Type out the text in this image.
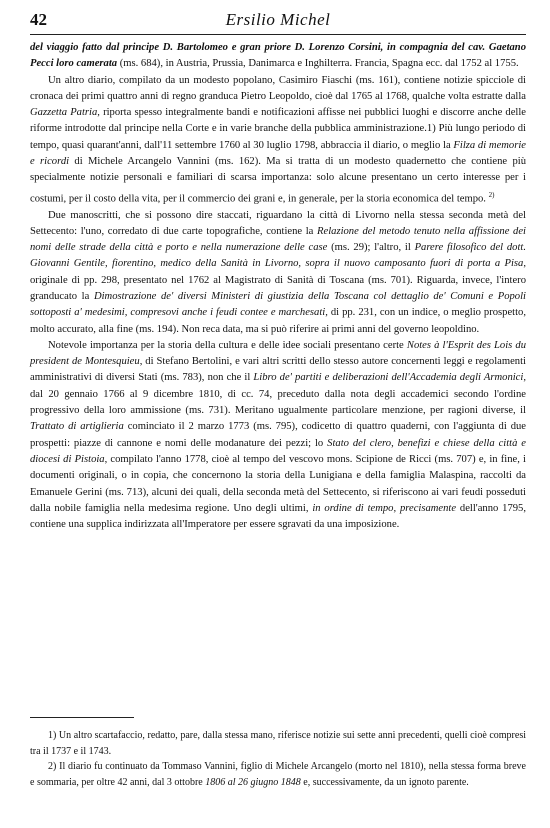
42	Ersilio Michel

del viaggio fatto dal principe D. Bartolomeo e gran priore D. Lorenzo Corsini, in compagnia del cav. Gaetano Pecci loro camerata (ms. 684), in Austria, Prussia, Danimarca e Inghilterra. Francia, Spagna ecc. dal 1752 al 1755.

Un altro diario, compilato da un modesto popolano, Casimiro Fiaschi (ms. 161), contiene notizie spicciole di cronaca dei primi quattro anni di regno granduca Pietro Leopoldo, cioè dal 1765 al 1768, qualche volta estratte dalla Gazzetta Patria, riporta spesso integralmente bandi e notificazioni affisse nei pubblici luoghi e discorre anche delle riforme introdotte dal principe nella Corte e in varie branche della pubblica amministrazione.1) Più lungo periodo di tempo, quasi quarant'anni, dall'11 settembre 1760 al 30 luglio 1798, abbraccia il diario, o meglio la Filza di memorie e ricordi di Michele Arcangelo Vannini (ms. 162). Ma si tratta di un modesto quadernetto che contiene più specialmente notizie personali e familiari di scarsa importanza: solo alcune presentano un certo interesse per i costumi, per il costo della vita, per il commercio dei grani e, in generale, per la storia economica del tempo. $^{2)}$

Due manoscritti, che si possono dire staccati, riguardano la città di Livorno nella stessa seconda metà del Settecento: l'uno, corredato di due carte topografiche, contiene la Relazione del metodo tenuto nella affissione dei nomi delle strade della città e porto e nella numerazione delle case (ms. 29); l'altro, il Parere filosofico del dott. Giovanni Gentile, fiorentino, medico della Sanità in Livorno, sopra il nuovo camposanto fuori di porta a Pisa, originale di pp. 298, presentato nel 1762 al Magistrato di Sanità di Toscana (ms. 701). Riguarda, invece, l'intero granducato la Dimostrazione de' diversi Ministeri di giustizia della Toscana col dettaglio de' Comuni e Popoli sottoposti a' medesimi, compresovi anche i feudi contee e marchesati, di pp. 231, con un indice, o meglio prospetto, molto accurato, alla fine (ms. 194). Non reca data, ma si può riferire ai primi anni del governo leopoldino.

Notevole importanza per la storia della cultura e delle idee sociali presentano certe Notes à l'Esprit des Lois du president de Montesquieu, di Stefano Bertolini, e vari altri scritti dello stesso autore concernenti leggi e regolamenti amministrativi di diversi Stati (ms. 783), non che il Libro de' partiti e deliberazioni dell'Accademia degli Armonici, dal 20 gennaio 1766 al 9 dicembre 1810, di cc. 74, preceduto dalla nota degli accademici secondo l'ordine progressivo della loro ammissione (ms. 731). Meritano ugualmente particolare menzione, per ragioni diverse, il Trattato di artiglieria cominciato il 2 marzo 1773 (ms. 795), codicetto di quattro quaderni, con l'aggiunta di due prospetti: piazze di cannone e nomi delle modanature dei pezzi; lo Stato del clero, benefizi e chiese della città e diocesi di Pistoia, compilato l'anno 1778, cioè al tempo del vescovo mons. Scipione de Ricci (ms. 707) e, in fine, i documenti originali, o in copia, che concernono la storia della Lunigiana e della famiglia Malaspina, raccolti da Emanuele Gerini (ms. 713), alcuni dei quali, della seconda metà del Settecento, si riferiscono ai vari feudi posseduti dalla nobile famiglia nella medesima regione. Uno degli ultimi, in ordine di tempo, precisamente dell'anno 1795, contiene una supplica indirizzata all'Imperatore per essere sgravati da una imposizione.

1) Un altro scartafaccio, redatto, pare, dalla stessa mano, riferisce notizie sui sette anni precedenti, quelli cioè compresi tra il 1737 e il 1743.

2) Il diario fu continuato da Tommaso Vannini, figlio di Michele Arcangelo (morto nel 1810), nella stessa forma breve e sommaria, per oltre 42 anni, dal 3 ottobre 1806 al 26 giugno 1848 e, successivamente, da un ignoto parente.
